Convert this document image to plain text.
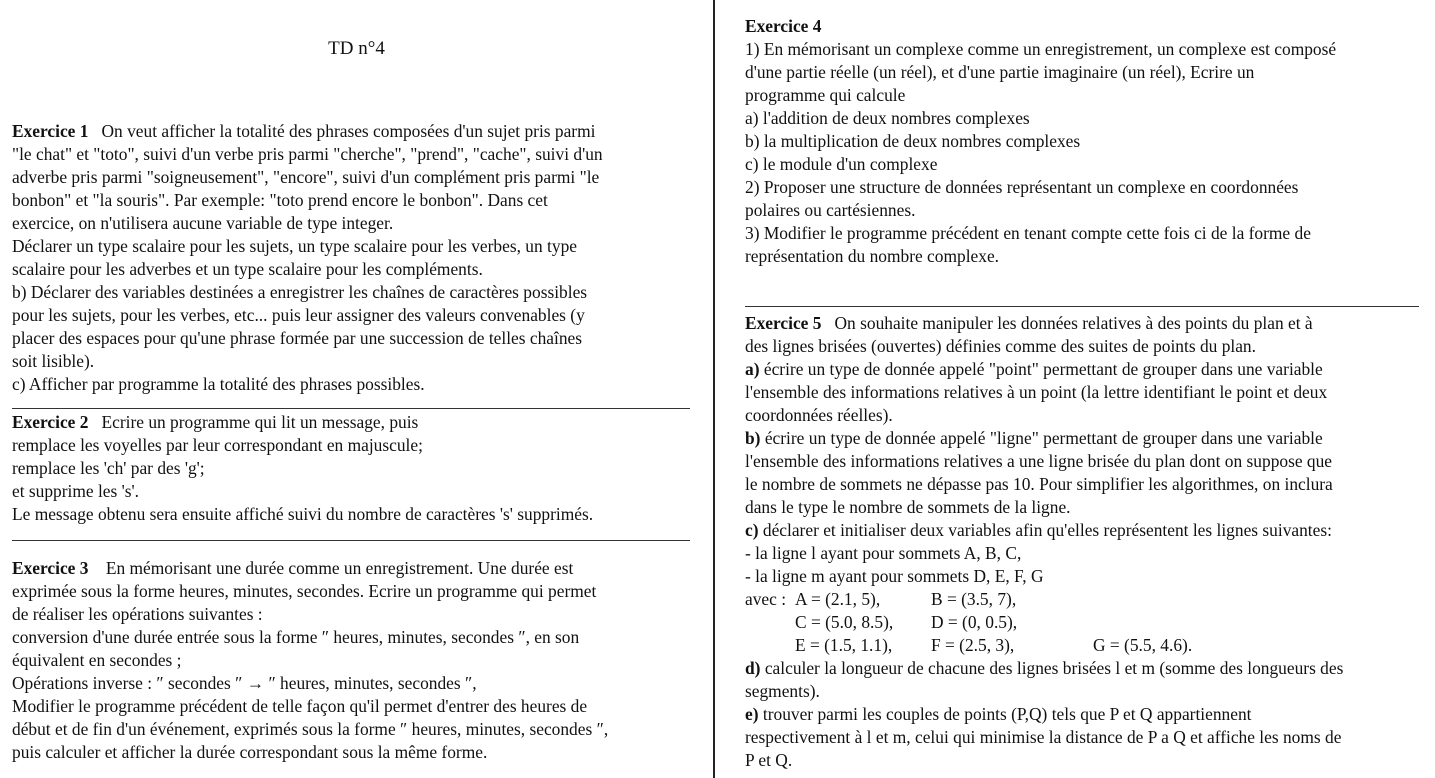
TD n°4

Exercice 1 On veut afficher la totalité des phrases composées d'un sujet pris parmi

"le chat" et "toto", suivi d'un verbe pris parmi "cherche", "prend", "cache", suivi d'un

adverbe pris parmi "soigneusement", "encore", suivi d'un complément pris parmi "le

bonbon" et "la souris". Par exemple: "toto prend encore le bonbon". Dans cet

exercice, on n'utilisera aucune variable de type integer.

Déclarer un type scalaire pour les sujets, un type scalaire pour les verbes, un type

scalaire pour les adverbes et un type scalaire pour les compléments.

b) Déclarer des variables destinées a enregistrer les chaînes de caractères possibles

pour les sujets, pour les verbes, etc... puis leur assigner des valeurs convenables (y

placer des espaces pour qu'une phrase formée par une succession de telles chaînes

soit lisible).

c) Afficher par programme la totalité des phrases possibles.

Exercice 2 Ecrire un programme qui lit un message, puis

remplace les voyelles par leur correspondant en majuscule;

remplace les 'ch' par des 'g';

et supprime les 's'.

Le message obtenu sera ensuite affiché suivi du nombre de caractères 's' supprimés.

Exercice 3 En mémorisant une durée comme un enregistrement. Une durée est

exprimée sous la forme heures, minutes, secondes. Ecrire un programme qui permet

de réaliser les opérations suivantes :

conversion d'une durée entrée sous la forme ″ heures, minutes, secondes ″, en son

équivalent en secondes ;

Opérations inverse : ″ secondes ″ → ″ heures, minutes, secondes ″,

Modifier le programme précédent de telle façon qu'il permet d'entrer des heures de

début et de fin d'un événement, exprimés sous la forme ″ heures, minutes, secondes ″,

puis calculer et afficher la durée correspondant sous la même forme.

Exercice 4

1) En mémorisant un complexe comme un enregistrement, un complexe est composé

d'une partie réelle (un réel), et d'une partie imaginaire (un réel), Ecrire un

programme qui calcule

a) l'addition de deux nombres complexes

b) la multiplication de deux nombres complexes

c) le module d'un complexe

2) Proposer une structure de données représentant un complexe en coordonnées

polaires ou cartésiennes.

3) Modifier le programme précédent en tenant compte cette fois ci de la forme de

représentation du nombre complexe.

Exercice 5 On souhaite manipuler les données relatives à des points du plan et à

des lignes brisées (ouvertes) définies comme des suites de points du plan.

a) écrire un type de donnée appelé "point" permettant de grouper dans une variable

l'ensemble des informations relatives à un point (la lettre identifiant le point et deux

coordonnées réelles).

b) écrire un type de donnée appelé "ligne" permettant de grouper dans une variable

l'ensemble des informations relatives a une ligne brisée du plan dont on suppose que

le nombre de sommets ne dépasse pas 10. Pour simplifier les algorithmes, on inclura

dans le type le nombre de sommets de la ligne.

c) déclarer et initialiser deux variables afin qu'elles représentent les lignes suivantes:

- la ligne l ayant pour sommets A, B, C,

- la ligne m ayant pour sommets D, E, F, G

avec : A = (2.1, 5),	B = (3.5, 7),
C = (5.0, 8.5),	D = (0, 0.5),
E = (1.5, 1.1),	F = (2.5, 3),	G = (5.5, 4.6).

d) calculer la longueur de chacune des lignes brisées l et m (somme des longueurs des

segments).

e) trouver parmi les couples de points (P,Q) tels que P et Q appartiennent

respectivement à l et m, celui qui minimise la distance de P a Q et affiche les noms de

P et Q.
